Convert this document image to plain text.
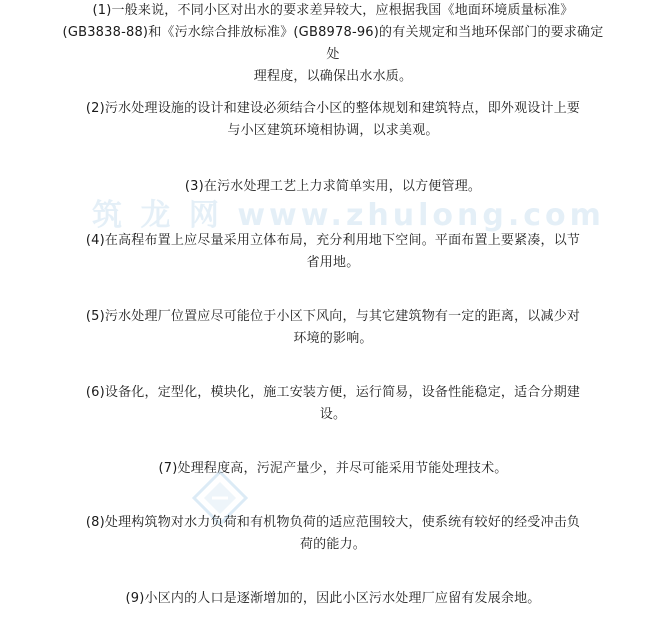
筑 龙 网 www.zhulong.com

(1)一般来说，不同小区对出水的要求差异较大，应根据我国《地面环境质量标准》
(GB3838-88)和《污水综合排放标准》(GB8978-96)的有关规定和当地环保部门的要求确定处
理程度，以确保出水水质。

(2)污水处理设施的设计和建设必须结合小区的整体规划和建筑特点，即外观设计上要
与小区建筑环境相协调，以求美观。

(3)在污水处理工艺上力求简单实用，以方便管理。

(4)在高程布置上应尽量采用立体布局，充分利用地下空间。平面布置上要紧凑，以节
省用地。

(5)污水处理厂位置应尽可能位于小区下风向，与其它建筑物有一定的距离，以减少对
环境的影响。

(6)设备化，定型化，模块化，施工安装方便，运行简易，设备性能稳定，适合分期建
设。

(7)处理程度高，污泥产量少，并尽可能采用节能处理技术。

(8)处理构筑物对水力负荷和有机物负荷的适应范围较大，使系统有较好的经受冲击负
荷的能力。

(9)小区内的人口是逐渐增加的，因此小区污水处理厂应留有发展余地。
